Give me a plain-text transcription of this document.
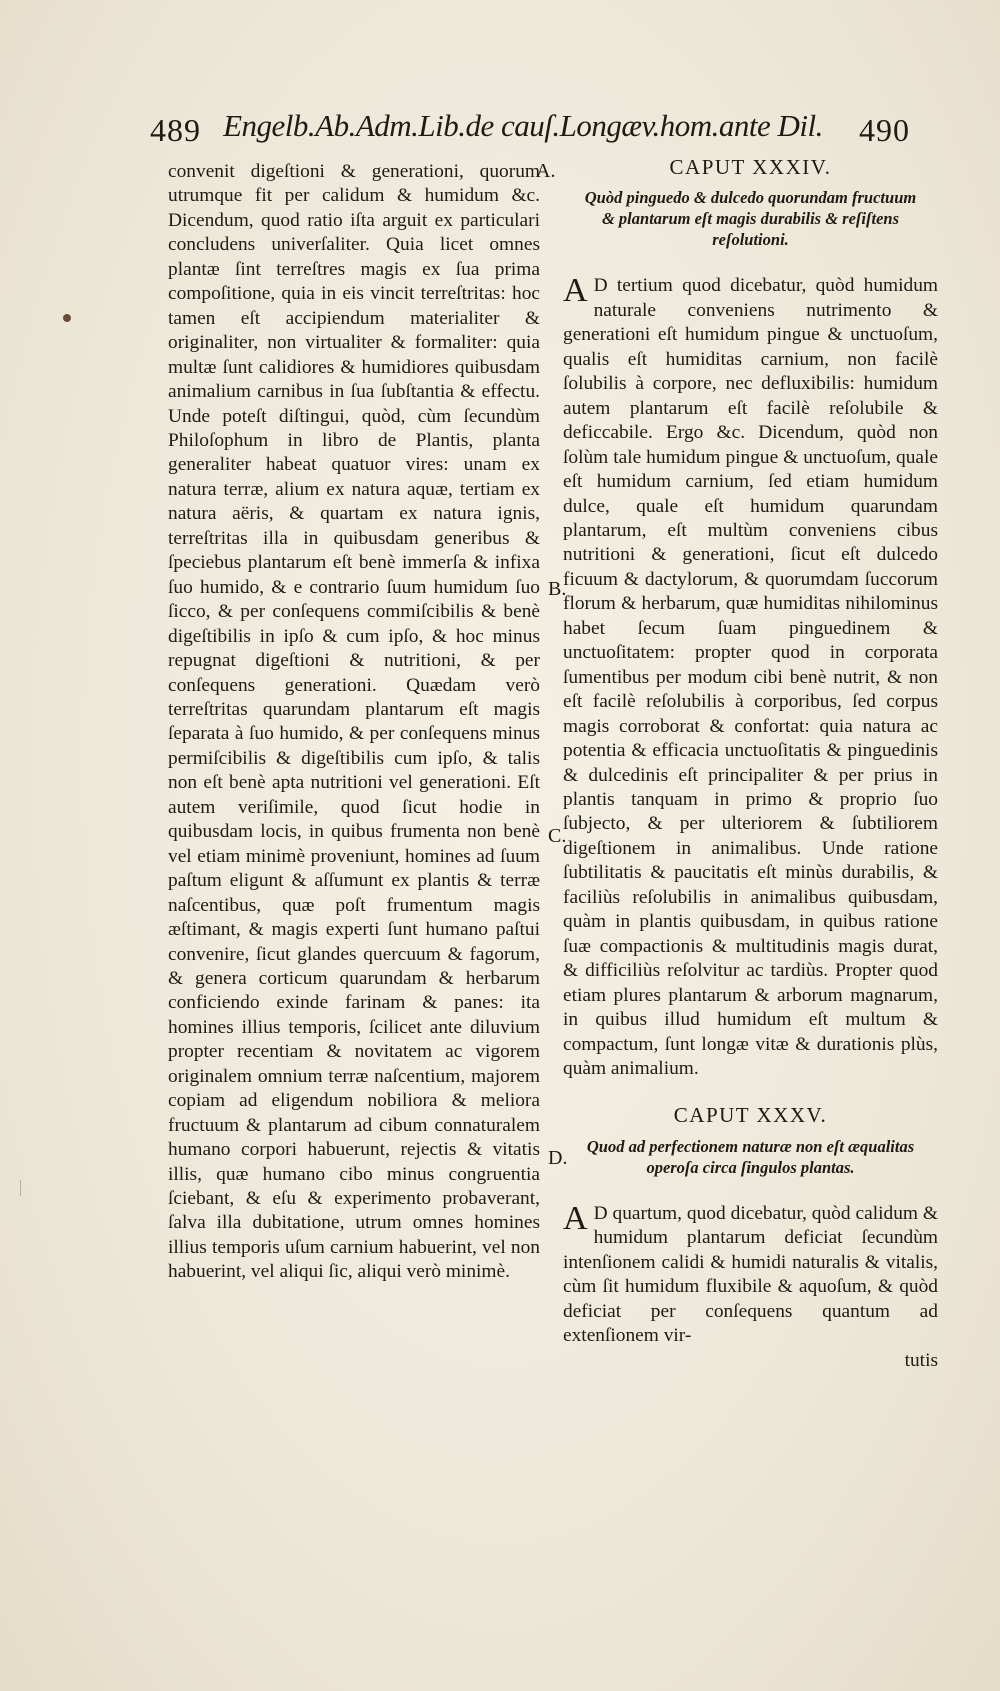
489 Engelb.Ab.Adm.Lib.de cauſ.Longæv.hom.ante Dil.	490

convenit digeſtioni & generationi, quorum utrumque fit per calidum & humidum &c. Dicendum, quod ratio iſta arguit ex particulari concludens univerſaliter. Quia licet omnes plantæ ſint terreſtres magis ex ſua prima compoſitione, quia in eis vincit terreſtritas: hoc tamen eſt accipiendum materialiter & originaliter, non virtualiter & formaliter: quia multæ ſunt calidiores & humidiores quibusdam animalium carnibus in ſua ſubſtantia & effectu. Unde poteſt diſtingui, quòd, cùm ſecundùm Philoſophum in libro de Plantis, planta generaliter habeat quatuor vires: unam ex natura terræ, alium ex natura aquæ, tertiam ex natura aëris, & quartam ex natura ignis, terreſtritas illa in quibusdam generibus & ſpeciebus plantarum eſt benè immerſa & infixa ſuo humido, & e contrario ſuum humidum ſuo ſicco, & per conſequens commiſcibilis & benè digeſtibilis in ipſo & cum ipſo, & hoc minus repugnat digeſtioni & nutritioni, & per conſequens generationi. Quædam verò terreſtritas quarundam plantarum eſt magis ſeparata à ſuo humido, & per conſequens minus permiſcibilis & digeſtibilis cum ipſo, & talis non eſt benè apta nutritioni vel generationi. Eſt autem veriſimile, quod ſicut hodie in quibusdam locis, in quibus frumenta non benè vel etiam minimè proveniunt, homines ad ſuum paſtum eligunt & aſſumunt ex plantis & terræ naſcentibus, quæ poſt frumentum magis æſtimant, & magis experti ſunt humano paſtui convenire, ſicut glandes quercuum & fagorum, & genera corticum quarundam & herbarum conficiendo exinde farinam & panes: ita homines illius temporis, ſcilicet ante diluvium propter recentiam & novitatem ac vigorem originalem omnium terræ naſcentium, majorem copiam ad eligendum nobiliora & meliora fructuum & plantarum ad cibum connaturalem humano corpori habuerunt, rejectis & vitatis illis, quæ humano cibo minus congruentia ſciebant, & eſu & experimento probaverant, ſalva illa dubitatione, utrum omnes homines illius temporis uſum carnium habuerint, vel non habuerint, vel aliqui ſic, aliqui verò minimè.

A.
B.
C.
D.
CAPUT XXXIV.
Quòd pinguedo & dulcedo quorundam fructuum & plantarum eſt magis durabilis & reſiſtens reſolutioni.

A D tertium quod dicebatur, quòd humidum naturale conveniens nutrimento & generationi eſt humidum pingue & unctuoſum, qualis eſt humiditas carnium, non facilè ſolubilis à corpore, nec defluxibilis: humidum autem plantarum eſt facilè reſolubile & deficcabile. Ergo &c. Dicendum, quòd non ſolùm tale humidum pingue & unctuoſum, quale eſt humidum carnium, ſed etiam humidum dulce, quale eſt humidum quarundam plantarum, eſt multùm conveniens cibus nutritioni & generationi, ſicut eſt dulcedo ficuum & dactylorum, & quorumdam ſuccorum florum & herbarum, quæ humiditas nihilominus habet ſecum ſuam pinguedinem & unctuoſitatem: propter quod in corporata ſumentibus per modum cibi benè nutrit, & non eſt facilè reſolubilis à corporibus, ſed corpus magis corroborat & confortat: quia natura ac potentia & efficacia unctuoſitatis & pinguedinis & dulcedinis eſt principaliter & per prius in plantis tanquam in primo & proprio ſuo ſubjecto, & per ulteriorem & ſubtiliorem digeſtionem in animalibus. Unde ratione ſubtilitatis & paucitatis eſt minùs durabilis, & faciliùs reſolubilis in animalibus quibusdam, quàm in plantis quibusdam, in quibus ratione ſuæ compactionis & multitudinis magis durat, & difficiliùs reſolvitur ac tardiùs. Propter quod etiam plures plantarum & arborum magnarum, in quibus illud humidum eſt multum & compactum, ſunt longæ vitæ & durationis plùs, quàm animalium.

CAPUT XXXV.
Quod ad perfectionem naturæ non eſt æqualitas operoſa circa ſingulos plantas.

A D quartum, quod dicebatur, quòd calidum & humidum plantarum deficiat ſecundùm intenſionem calidi & humidi naturalis & vitalis, cùm ſit humidum fluxibile & aquoſum, & quòd deficiat per conſequens quantum ad extenſionem vir-

tutis
